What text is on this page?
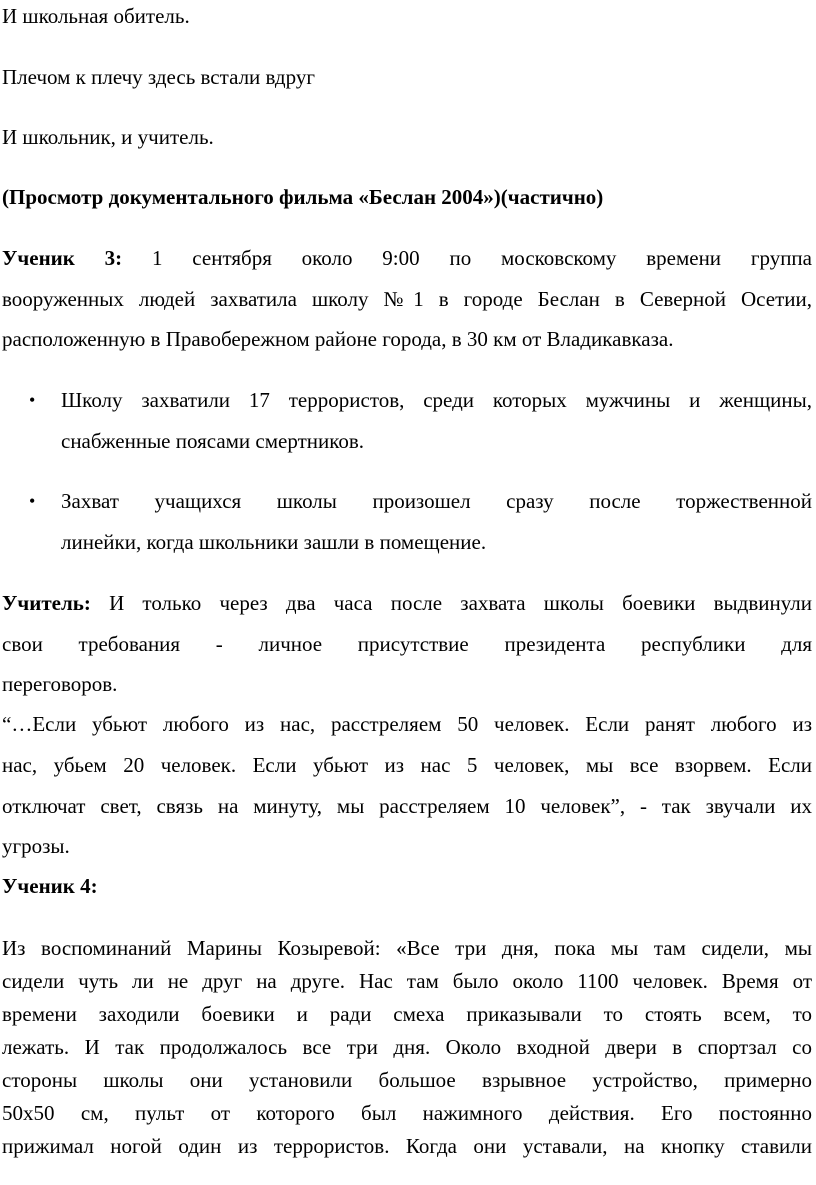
И школьная обитель.
Плечом к плечу здесь встали вдруг
И школьник, и учитель.
(Просмотр документального фильма «Беслан 2004»)(частично)
Ученик 3: 1 сентября около 9:00 по московскому времени группа
вооруженных людей захватила школу №1 в городе Беслан в Северной Осетии,
расположенную в Правобережном районе города, в 30 км от Владикавказа.
• Школу захватили 17 террористов, среди которых мужчины и женщины,
снабженные поясами смертников.
• Захват учащихся школы произошел сразу после торжественной
линейки, когда школьники зашли в помещение.
Учитель: И только через два часа после захвата школы боевики выдвинули
свои требования - личное присутствие президента республики для
переговоров.
“…Если убьют любого из нас, расстреляем 50 человек. Если ранят любого из
нас, убьем 20 человек. Если убьют из нас 5 человек, мы все взорвем. Если
отключат свет, связь на минуту, мы расстреляем 10 человек”, - так звучали их
угрозы.
Ученик 4:
Из воспоминаний Марины Козыревой: «Все три дня, пока мы там сидели, мы
сидели чуть ли не друг на друге. Нас там было около 1100 человек. Время от
времени заходили боевики и ради смеха приказывали то стоять всем, то
лежать. И так продолжалось все три дня. Около входной двери в спортзал со
стороны школы они установили большое взрывное устройство, примерно
50х50 см, пульт от которого был нажимного действия. Его постоянно
прижимал ногой один из террористов. Когда они уставали, на кнопку ставили
